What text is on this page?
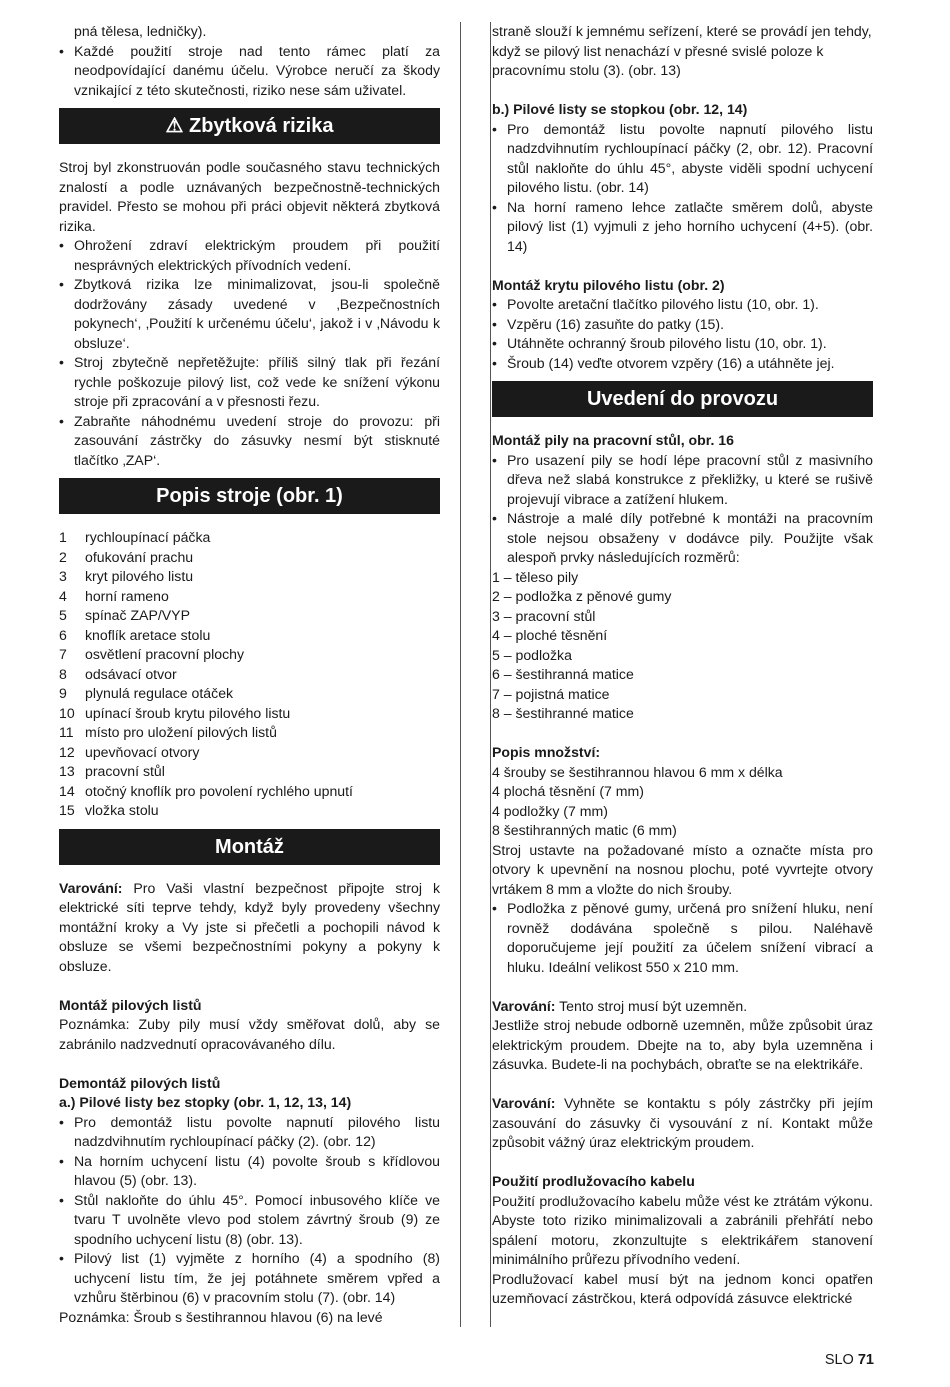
pná tělesa, ledničky).
• Každé použití stroje nad tento rámec platí za neodpovídající danému účelu. Výrobce neručí za škody vznikající z této skutečnosti, riziko nese sám uživatel.
⚠ Zbytková rizika

Stroj byl zkonstruován podle současného stavu technických znalostí a podle uznávaných bezpečnostně-technických pravidel. Přesto se mohou při práci objevit některá zbytková rizika.

• Ohrožení zdraví elektrickým proudem při použití nesprávných elektrických přívodních vedení.
• Zbytková rizika lze minimalizovat, jsou-li společně dodržovány zásady uvedené v ‚Bezpečnostních pokynech‘, ‚Použití k určenému účelu‘, jakož i v ‚Návodu k obsluze‘.
• Stroj zbytečně nepřetěžujte: příliš silný tlak při řezání rychle poškozuje pilový list, což vede ke snížení výkonu stroje při zpracování a v přesnosti řezu.
• Zabraňte náhodnému uvedení stroje do provozu: při zasouvání zástrčky do zásuvky nesmí být stisknuté tlačítko ‚ZAP‘.
Popis stroje (obr. 1)
1	rychloupínací páčka
2	ofukování prachu
3	kryt pilového listu
4	horní rameno
5	spínač ZAP/VYP
6	knoflík aretace stolu
7	osvětlení pracovní plochy
8	odsávací otvor
9	plynulá regulace otáček
10 upínací šroub krytu pilového listu
11 místo pro uložení pilových listů
12 upevňovací otvory
13 pracovní stůl
14 otočný knoflík pro povolení rychlého upnutí
15 vložka stolu
Montáž

Varování: Pro Vaši vlastní bezpečnost připojte stroj k elektrické síti teprve tehdy, když byly provedeny všechny montážní kroky a Vy jste si přečetli a pochopili návod k obsluze se všemi bezpečnostními pokyny a pokyny k obsluze.

Montáž pilových listů

Poznámka: Zuby pily musí vždy směřovat dolů, aby se zabránilo nadzvednutí opracovávaného dílu.

Demontáž pilových listů
a.) Pilové listy bez stopky (obr. 1, 12, 13, 14)
• Pro demontáž listu povolte napnutí pilového listu nadzdvihnutím rychloupínací páčky (2). (obr. 12)
• Na horním uchycení listu (4) povolte šroub s křídlovou hlavou (5) (obr. 13).
• Stůl nakloňte do úhlu 45°. Pomocí inbusového klíče ve tvaru T uvolněte vlevo pod stolem závrtný šroub (9) ze spodního uchycení listu (8) (obr. 13).
• Pilový list (1) vyjměte z horního (4) a spodního (8) uchycení listu tím, že jej potáhnete směrem vpřed a vzhůru štěrbinou (6) v pracovním stolu (7). (obr. 14)

Poznámka: Šroub s šestihrannou hlavou (6) na levé

straně slouží k jemnému seřízení, které se provádí jen tehdy, když se pilový list nenachází v přesné svislé poloze k pracovnímu stolu (3). (obr. 13)
b.) Pilové listy se stopkou (obr. 12, 14)
• Pro demontáž listu povolte napnutí pilového listu nadzdvihnutím rychloupínací páčky (2, obr. 12). Pracovní stůl nakloňte do úhlu 45°, abyste viděli spodní uchycení pilového listu. (obr. 14)
• Na horní rameno lehce zatlačte směrem dolů, abyste pilový list (1) vyjmuli z jeho horního uchycení (4+5). (obr. 14)
Montáž krytu pilového listu (obr. 2)
• Povolte aretační tlačítko pilového listu (10, obr. 1).
• Vzpěru (16) zasuňte do patky (15).
• Utáhněte ochranný šroub pilového listu (10, obr. 1).
• Šroub (14) veďte otvorem vzpěry (16) a utáhněte jej.
Uvedení do provozu
Montáž pily na pracovní stůl, obr. 16
• Pro usazení pily se hodí lépe pracovní stůl z masivního dřeva než slabá konstrukce z překližky, u které se rušivě projevují vibrace a zatížení hlukem.
• Nástroje a malé díly potřebné k montáži na pracovním stole nejsou obsaženy v dodávce pily. Použijte však alespoň prvky následujících rozměrů:
1 – těleso pily
2 – podložka z pěnové gumy
3 – pracovní stůl
4 – ploché těsnění
5 – podložka
6 – šestihranná matice
7 – pojistná matice
8 – šestihranné matice
Popis množství:
4 šrouby se šestihrannou hlavou 6 mm x délka
4 plochá těsnění (7 mm)
4 podložky (7 mm)
8 šestihranných matic (6 mm)

Stroj ustavte na požadované místo a označte místa pro otvory k upevnění na nosnou plochu, poté vyvrtejte otvory vrtákem 8 mm a vložte do nich šrouby.

• Podložka z pěnové gumy, určená pro snížení hluku, není rovněž dodávána společně s pilou. Naléhavě doporučujeme její použití za účelem snížení vibrací a hluku. Ideální velikost 550 x 210 mm.

Varování: Tento stroj musí být uzemněn.

Jestliže stroj nebude odborně uzemněn, může způsobit úraz elektrickým proudem. Dbejte na to, aby byla uzemněna i zásuvka. Budete-li na pochybách, obraťte se na elektrikáře.

Varování: Vyhněte se kontaktu s póly zástrčky při jejím zasouvání do zásuvky či vysouvání z ní. Kontakt může způsobit vážný úraz elektrickým proudem.

Použití prodlužovacího kabelu

Použití prodlužovacího kabelu může vést ke ztrátám výkonu. Abyste toto riziko minimalizovali a zabránili přehřátí nebo spálení motoru, zkonzultujte s elektrikářem stanovení minimálního průřezu přívodního vedení.

Prodlužovací kabel musí být na jednom konci opatřen uzemňovací zástrčkou, která odpovídá zásuvce elektrické

SLO 71
